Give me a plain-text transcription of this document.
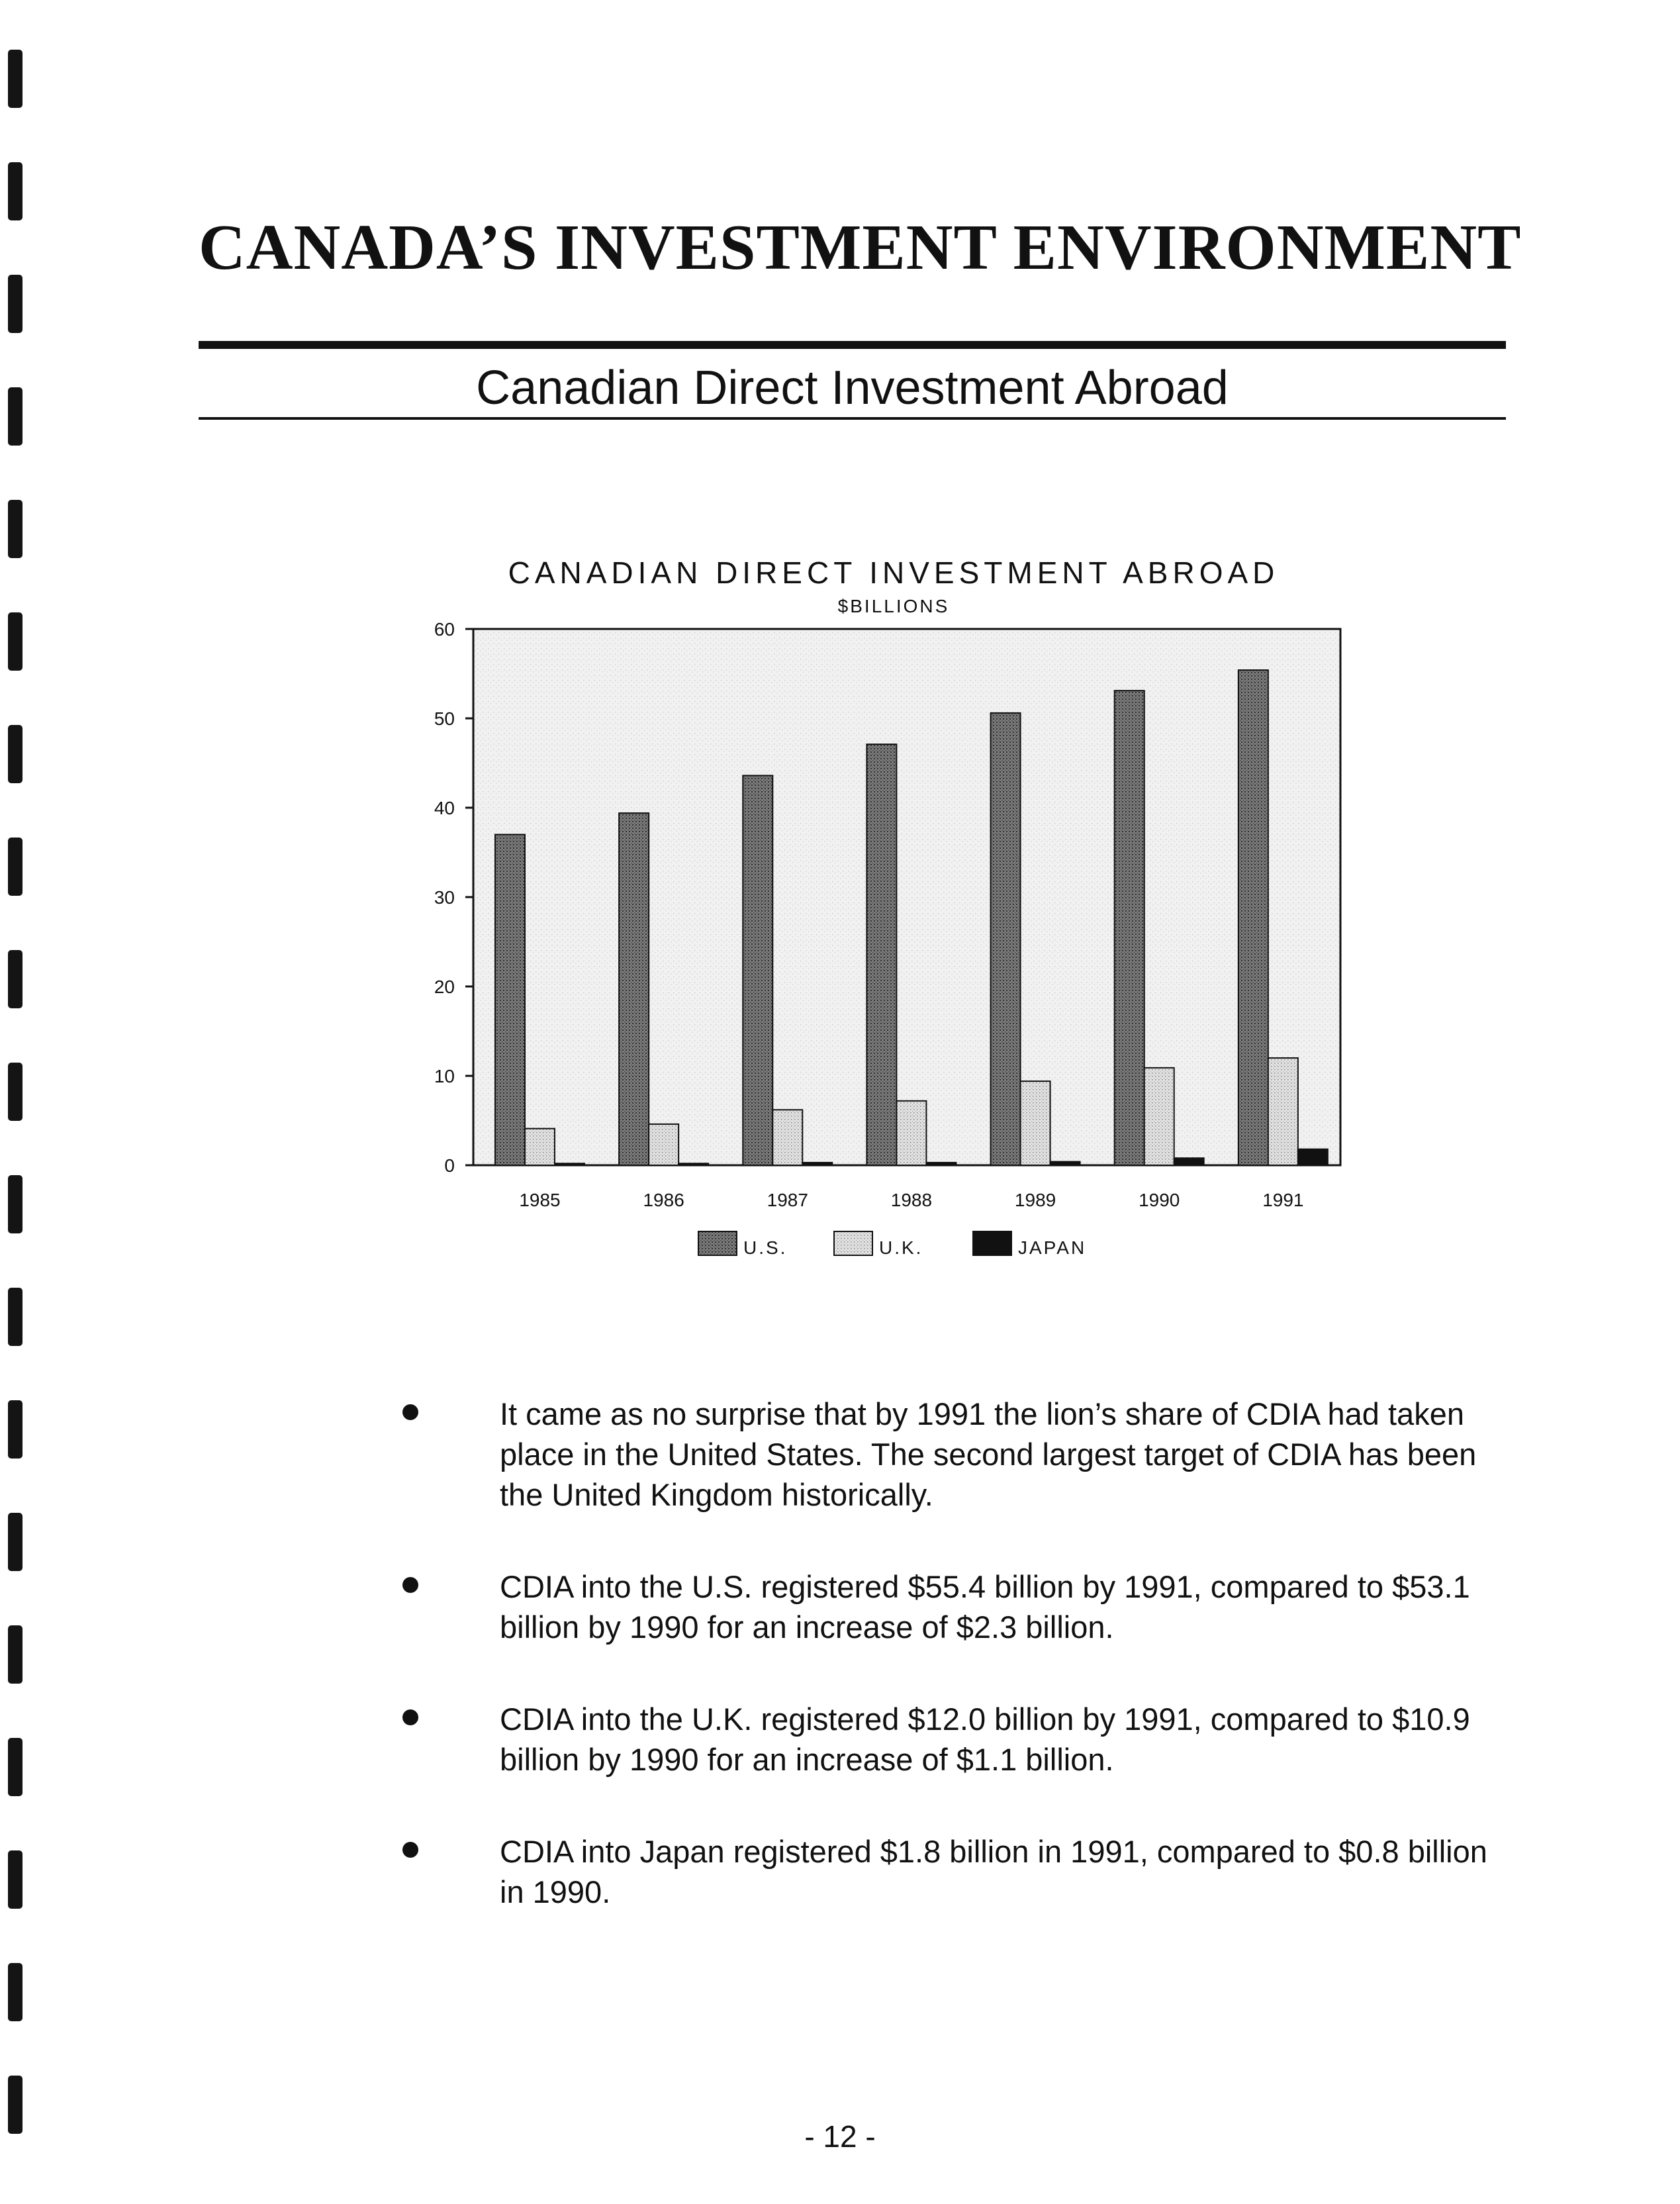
CANADA’S INVESTMENT ENVIRONMENT
Canadian Direct Investment Abroad
CANADIAN DIRECT INVESTMENT ABROAD
$BILLIONS
0
10
20
30
40
50
60
1985	1986	1987	1988	1989	1990	1991
U.S.	U.K.	JAPAN
It came as no surprise that by 1991 the lion’s share of CDIA had taken place in the United States. The second largest target of CDIA has been the United Kingdom historically.
CDIA into the U.S. registered $55.4 billion by 1991, compared to $53.1 billion by 1990 for an increase of $2.3 billion.
CDIA into the U.K. registered $12.0 billion by 1991, compared to $10.9 billion by 1990 for an increase of $1.1 billion.
CDIA into Japan registered $1.8 billion in 1991, compared to $0.8 billion in 1990.
- 12 -
